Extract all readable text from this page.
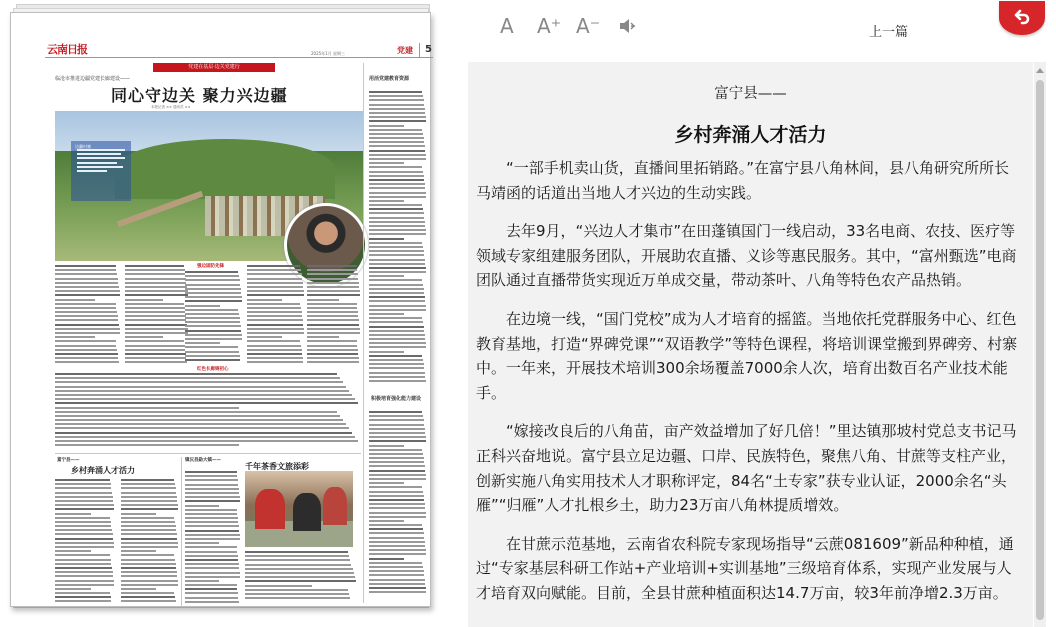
云南日报	2025年1月 星期三	党建 5
党建在基层·边关党建行
临沧市推进边疆党建长廊建设——
同心守边关 聚力兴边疆
本报记者 ×× 通讯员 ××
边疆村寨
用活党建教育资源
积极培育强化能力建设
强边固防先锋
红色长廊铸初心
富宁县——
乡村奔涌人才活力
镇沅县勐大镇——
千年茶香文旅添彩
A A⁺ A⁻	上一篇
富宁县——
乡村奔涌人才活力

“一部手机卖山货，直播间里拓销路。”在富宁县八角林间，县八角研究所所长马靖函的话道出当地人才兴边的生动实践。

去年9月，“兴边人才集市”在田蓬镇国门一线启动，33名电商、农技、医疗等领域专家组建服务团队，开展助农直播、义诊等惠民服务。其中，“富州甄选”电商团队通过直播带货实现近万单成交量，带动茶叶、八角等特色农产品热销。

在边境一线，“国门党校”成为人才培育的摇篮。当地依托党群服务中心、红色教育基地，打造“界碑党课”“双语教学”等特色课程，将培训课堂搬到界碑旁、村寨中。一年来，开展技术培训300余场覆盖7000余人次，培育出数百名产业技术能手。

“嫁接改良后的八角苗，亩产效益增加了好几倍！”里达镇那坡村党总支书记马正科兴奋地说。富宁县立足边疆、口岸、民族特色，聚焦八角、甘蔗等支柱产业，创新实施八角实用技术人才职称评定，84名“土专家”获专业认证，2000余名“头雁”“归雁”人才扎根乡土，助力23万亩八角林提质增效。

在甘蔗示范基地，云南省农科院专家现场指导“云蔗081609”新品种种植，通过“专家基层科研工作站+产业培训+实训基地”三级培育体系，实现产业发展与人才培育双向赋能。目前，全县甘蔗种植面积达14.7万亩，较3年前净增2.3万亩。
